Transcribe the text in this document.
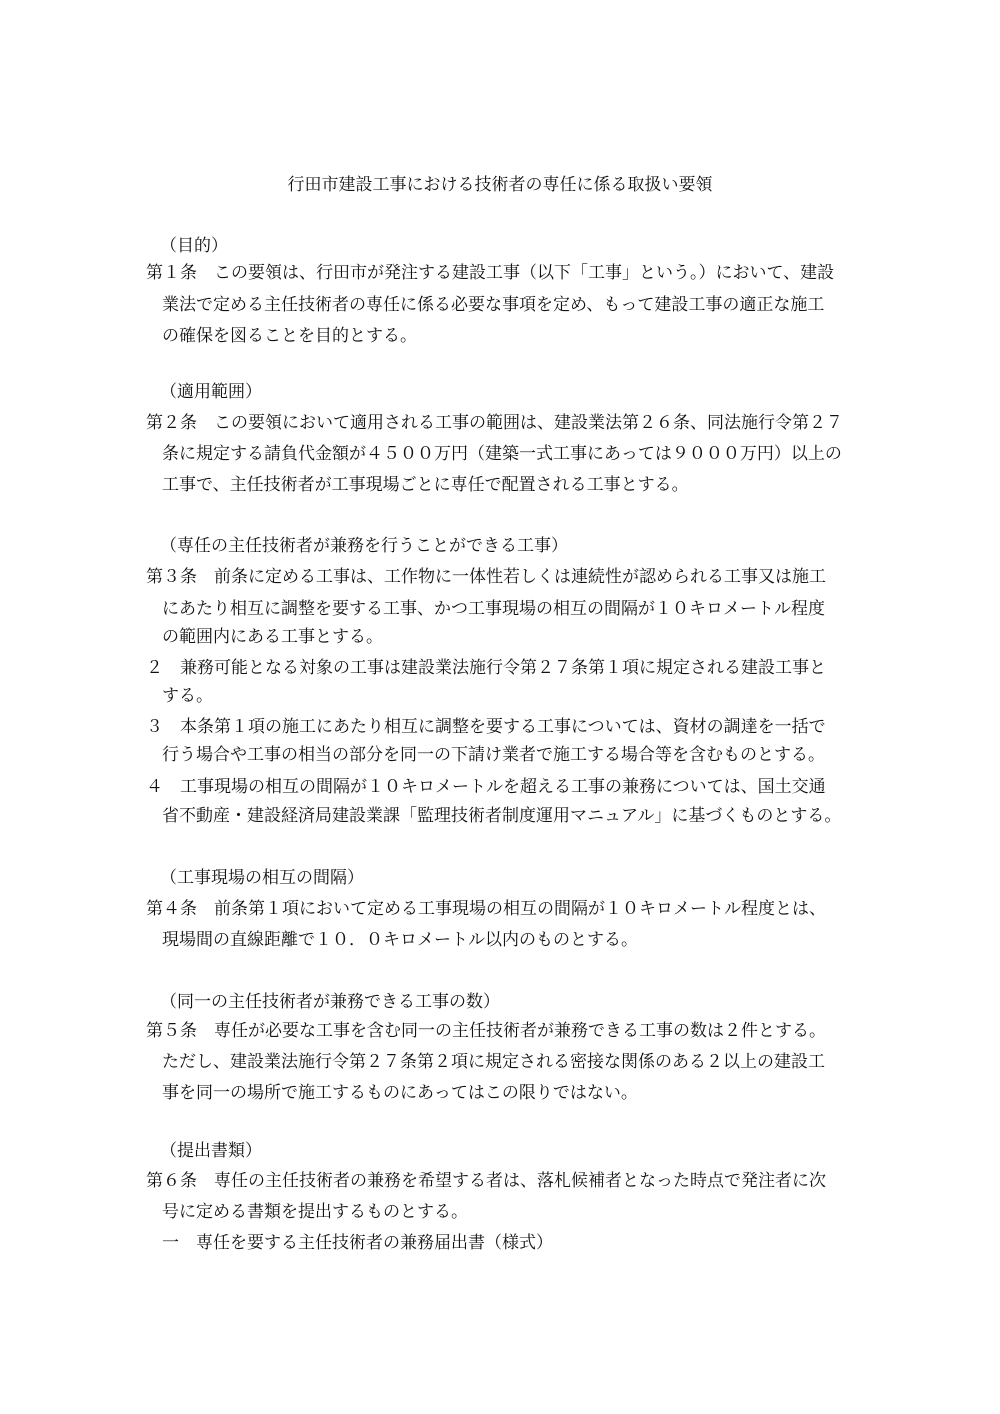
行田市建設工事における技術者の専任に係る取扱い要領
（目的）
第１条　この要領は、行田市が発注する建設工事（以下「工事」という。）において、建設
業法で定める主任技術者の専任に係る必要な事項を定め、もって建設工事の適正な施工
の確保を図ることを目的とする。
（適用範囲）
第２条　この要領において適用される工事の範囲は、建設業法第２６条、同法施行令第２７
条に規定する請負代金額が４５００万円（建築一式工事にあっては９０００万円）以上の
工事で、主任技術者が工事現場ごとに専任で配置される工事とする。
（専任の主任技術者が兼務を行うことができる工事）
第３条　前条に定める工事は、工作物に一体性若しくは連続性が認められる工事又は施工
にあたり相互に調整を要する工事、かつ工事現場の相互の間隔が１０キロメートル程度
の範囲内にある工事とする。
２　兼務可能となる対象の工事は建設業法施行令第２７条第１項に規定される建設工事と
する。
３　本条第１項の施工にあたり相互に調整を要する工事については、資材の調達を一括で
行う場合や工事の相当の部分を同一の下請け業者で施工する場合等を含むものとする。
４　工事現場の相互の間隔が１０キロメートルを超える工事の兼務については、国土交通
省不動産・建設経済局建設業課「監理技術者制度運用マニュアル」に基づくものとする。
（工事現場の相互の間隔）
第４条　前条第１項において定める工事現場の相互の間隔が１０キロメートル程度とは、
現場間の直線距離で１０．０キロメートル以内のものとする。
（同一の主任技術者が兼務できる工事の数）
第５条　専任が必要な工事を含む同一の主任技術者が兼務できる工事の数は２件とする。
ただし、建設業法施行令第２７条第２項に規定される密接な関係のある２以上の建設工
事を同一の場所で施工するものにあってはこの限りではない。
（提出書類）
第６条　専任の主任技術者の兼務を希望する者は、落札候補者となった時点で発注者に次
号に定める書類を提出するものとする。
一　専任を要する主任技術者の兼務届出書（様式）
